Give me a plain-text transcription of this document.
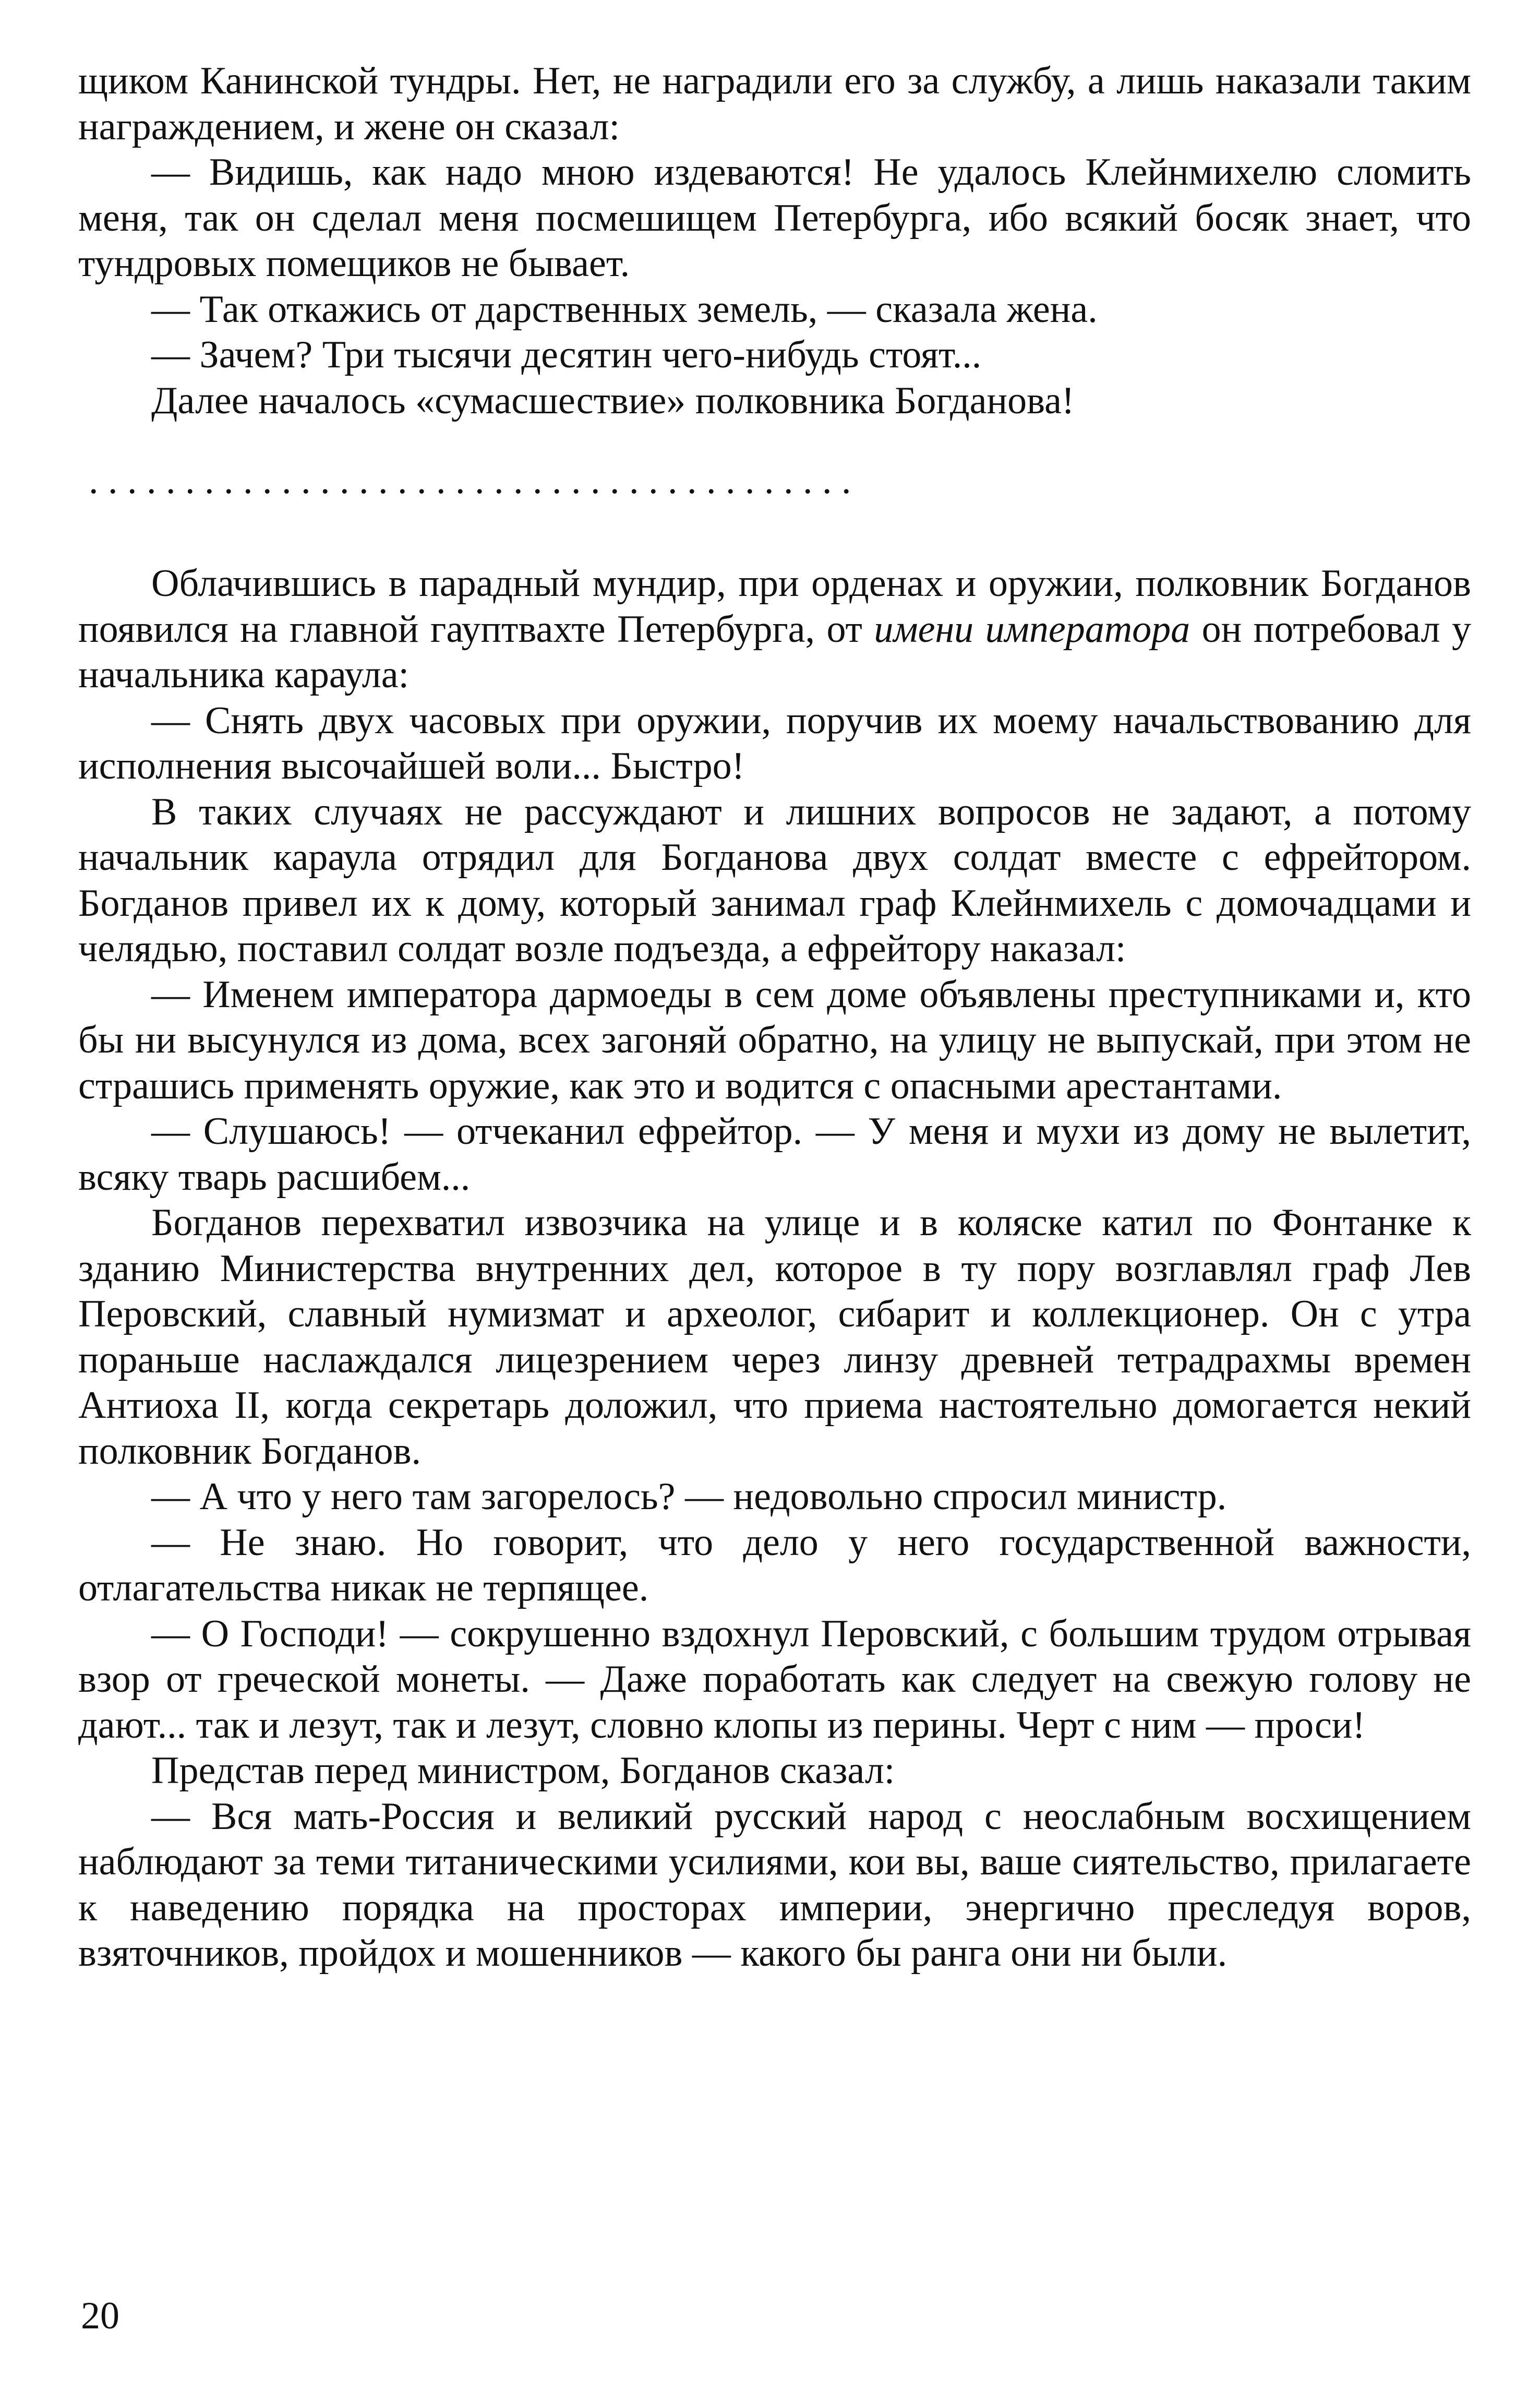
щиком Канинской тундры. Нет, не наградили его за службу, а лишь наказали таким награждением, и жене он сказал:

— Видишь, как надо мною издеваются! Не удалось Клейнмихелю сломить меня, так он сделал меня посмешищем Петербурга, ибо всякий босяк знает, что тундровых помещиков не бывает.

— Так откажись от дарственных земель, — сказала жена.

— Зачем? Три тысячи десятин чего-нибудь стоят...

Далее началось «сумасшествие» полковника Богданова!

. . . . . . . . . . . . . . . . . . . . . . . . . . . . . . . . . . . . . . . .

Облачившись в парадный мундир, при орденах и оружии, полковник Богданов появился на главной гауптвахте Петербурга, от имени императора он потребовал у начальника караула:

— Снять двух часовых при оружии, поручив их моему начальствованию для исполнения высочайшей воли... Быстро!

В таких случаях не рассуждают и лишних вопросов не задают, а потому начальник караула отрядил для Богданова двух солдат вместе с ефрейтором. Богданов привел их к дому, который занимал граф Клейнмихель с домочадцами и челядью, поставил солдат возле подъезда, а ефрейтору наказал:

— Именем императора дармоеды в сем доме объявлены преступниками и, кто бы ни высунулся из дома, всех загоняй обратно, на улицу не выпускай, при этом не страшись применять оружие, как это и водится с опасными арестантами.

— Слушаюсь! — отчеканил ефрейтор. — У меня и мухи из дому не вылетит, всяку тварь расшибем...

Богданов перехватил извозчика на улице и в коляске катил по Фонтанке к зданию Министерства внутренних дел, которое в ту пору возглавлял граф Лев Перовский, славный нумизмат и археолог, сибарит и коллекционер. Он с утра пораньше наслаждался лицезрением через линзу древней тетрадрахмы времен Антиоха II, когда секретарь доложил, что приема настоятельно домогается некий полковник Богданов.

— А что у него там загорелось? — недовольно спросил министр.

— Не знаю. Но говорит, что дело у него государственной важности, отлагательства никак не терпящее.

— О Господи! — сокрушенно вздохнул Перовский, с большим трудом отрывая взор от греческой монеты. — Даже поработать как следует на свежую голову не дают... так и лезут, так и лезут, словно клопы из перины. Черт с ним — проси!

Представ перед министром, Богданов сказал:

— Вся мать-Россия и великий русский народ с неослабным восхищением наблюдают за теми титаническими усилиями, кои вы, ваше сиятельство, прилагаете к наведению порядка на просторах империи, энергично преследуя воров, взяточников, пройдох и мошенников — какого бы ранга они ни были.

20
